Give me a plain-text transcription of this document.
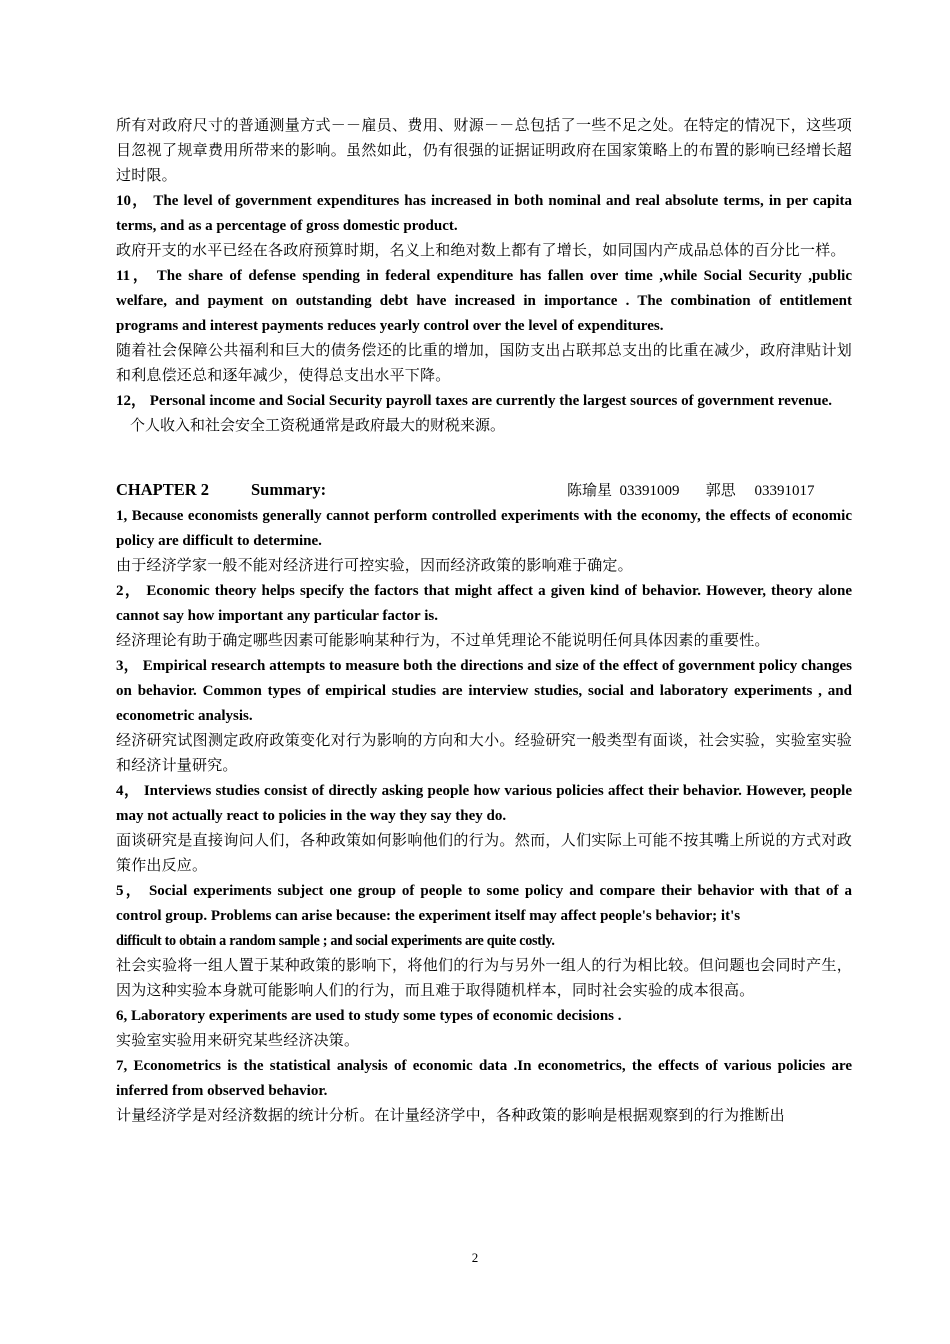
所有对政府尺寸的普通测量方式－－雇员、费用、财源－－总包括了一些不足之处。在特定的情况下，这些项目忽视了规章费用所带来的影响。虽然如此，仍有很强的证据证明政府在国家策略上的布置的影响已经增长超过时限。

10， The level of government expenditures has increased in both nominal and real absolute terms, in per capita terms, and as a percentage of gross domestic product.

政府开支的水平已经在各政府预算时期，名义上和绝对数上都有了增长，如同国内产成品总体的百分比一样。

11， The share of defense spending in federal expenditure has fallen over time ,while Social Security ,public welfare, and payment on outstanding debt have increased in importance . The combination of entitlement programs and interest payments reduces yearly control over the level of expenditures.

随着社会保障公共福利和巨大的债务偿还的比重的增加，国防支出占联邦总支出的比重在减少，政府津贴计划和利息偿还总和逐年减少，使得总支出水平下降。

12， Personal income and Social Security payroll taxes are currently the largest sources of government revenue.个人收入和社会安全工资税通常是政府最大的财税来源。

CHAPTER 2	Summary:	陈瑜星
03391009
郭思
03391017

1, Because economists generally cannot perform controlled experiments with the economy, the effects of economic policy are difficult to determine.

由于经济学家一般不能对经济进行可控实验，因而经济政策的影响难于确定。

2， Economic theory helps specify the factors that might affect a given kind of behavior. However, theory alone cannot say how important any particular factor is.

经济理论有助于确定哪些因素可能影响某种行为，不过单凭理论不能说明任何具体因素的重要性。

3， Empirical research attempts to measure both the directions and size of the effect of government policy changes on behavior. Common types of empirical studies are interview studies, social and laboratory experiments , and econometric analysis.

经济研究试图测定政府政策变化对行为影响的方向和大小。经验研究一般类型有面谈，社会实验，实验室实验和经济计量研究。

4， Interviews studies consist of directly asking people how various policies affect their behavior. However, people may not actually react to policies in the way they say they do.

面谈研究是直接询问人们，各种政策如何影响他们的行为。然而，人们实际上可能不按其嘴上所说的方式对政策作出反应。

5， Social experiments subject one group of people to some policy and compare their behavior with that of a control group. Problems can arise because: the experiment itself may affect people's behavior; it's

difficult to obtain a random sample ; and social experiments are quite costly.

社会实验将一组人置于某种政策的影响下，将他们的行为与另外一组人的行为相比较。但问题也会同时产生，因为这种实验本身就可能影响人们的行为，而且难于取得随机样本，同时社会实验的成本很高。

6, Laboratory experiments are used to study some types of economic decisions .

实验室实验用来研究某些经济决策。

7, Econometrics is the statistical analysis of economic data .In econometrics, the effects of various policies are inferred from observed behavior.

计量经济学是对经济数据的统计分析。在计量经济学中，各种政策的影响是根据观察到的行为推断出

2
